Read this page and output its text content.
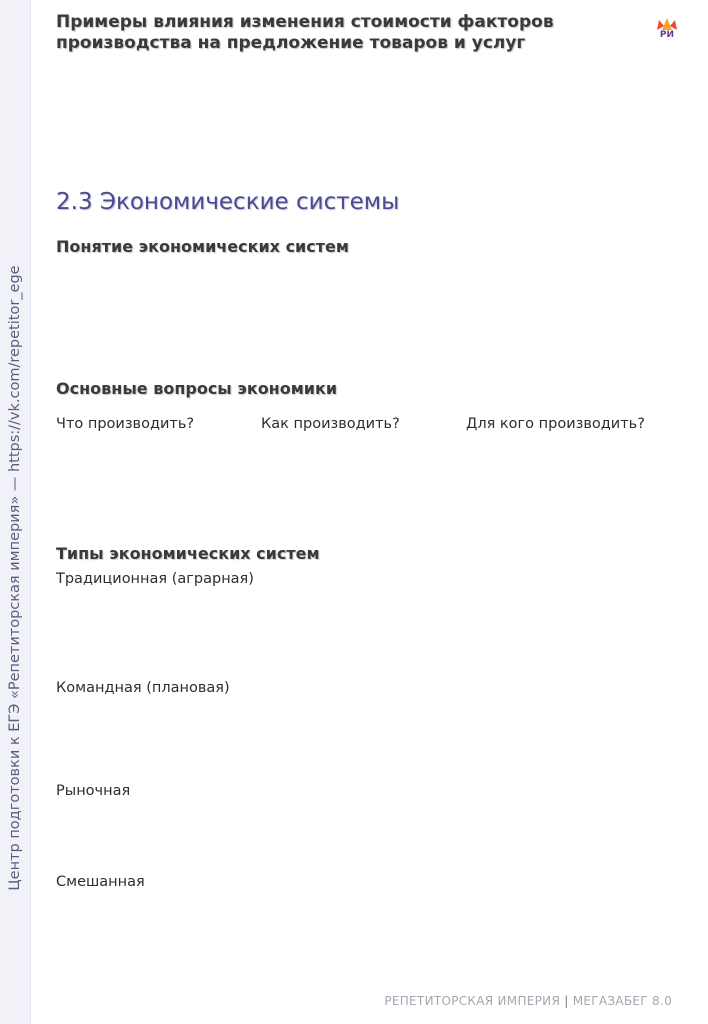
Центр подготовки к ЕГЭ «Репетиторская империя» — https://vk.com/repetitor_ege
Примеры влияния изменения стоимости факторов
производства на предложение товаров и услуг	РИ
2.3 Экономические системы
Понятие экономических систем
Основные вопросы экономики
Что производить?	Как производить?	Для кого производить?
Типы экономических систем
Традиционная (аграрная)
Командная (плановая)
Рыночная
Смешанная
РЕПЕТИТОРСКАЯ ИМПЕРИЯ | МЕГАЗАБЕГ 8.0
